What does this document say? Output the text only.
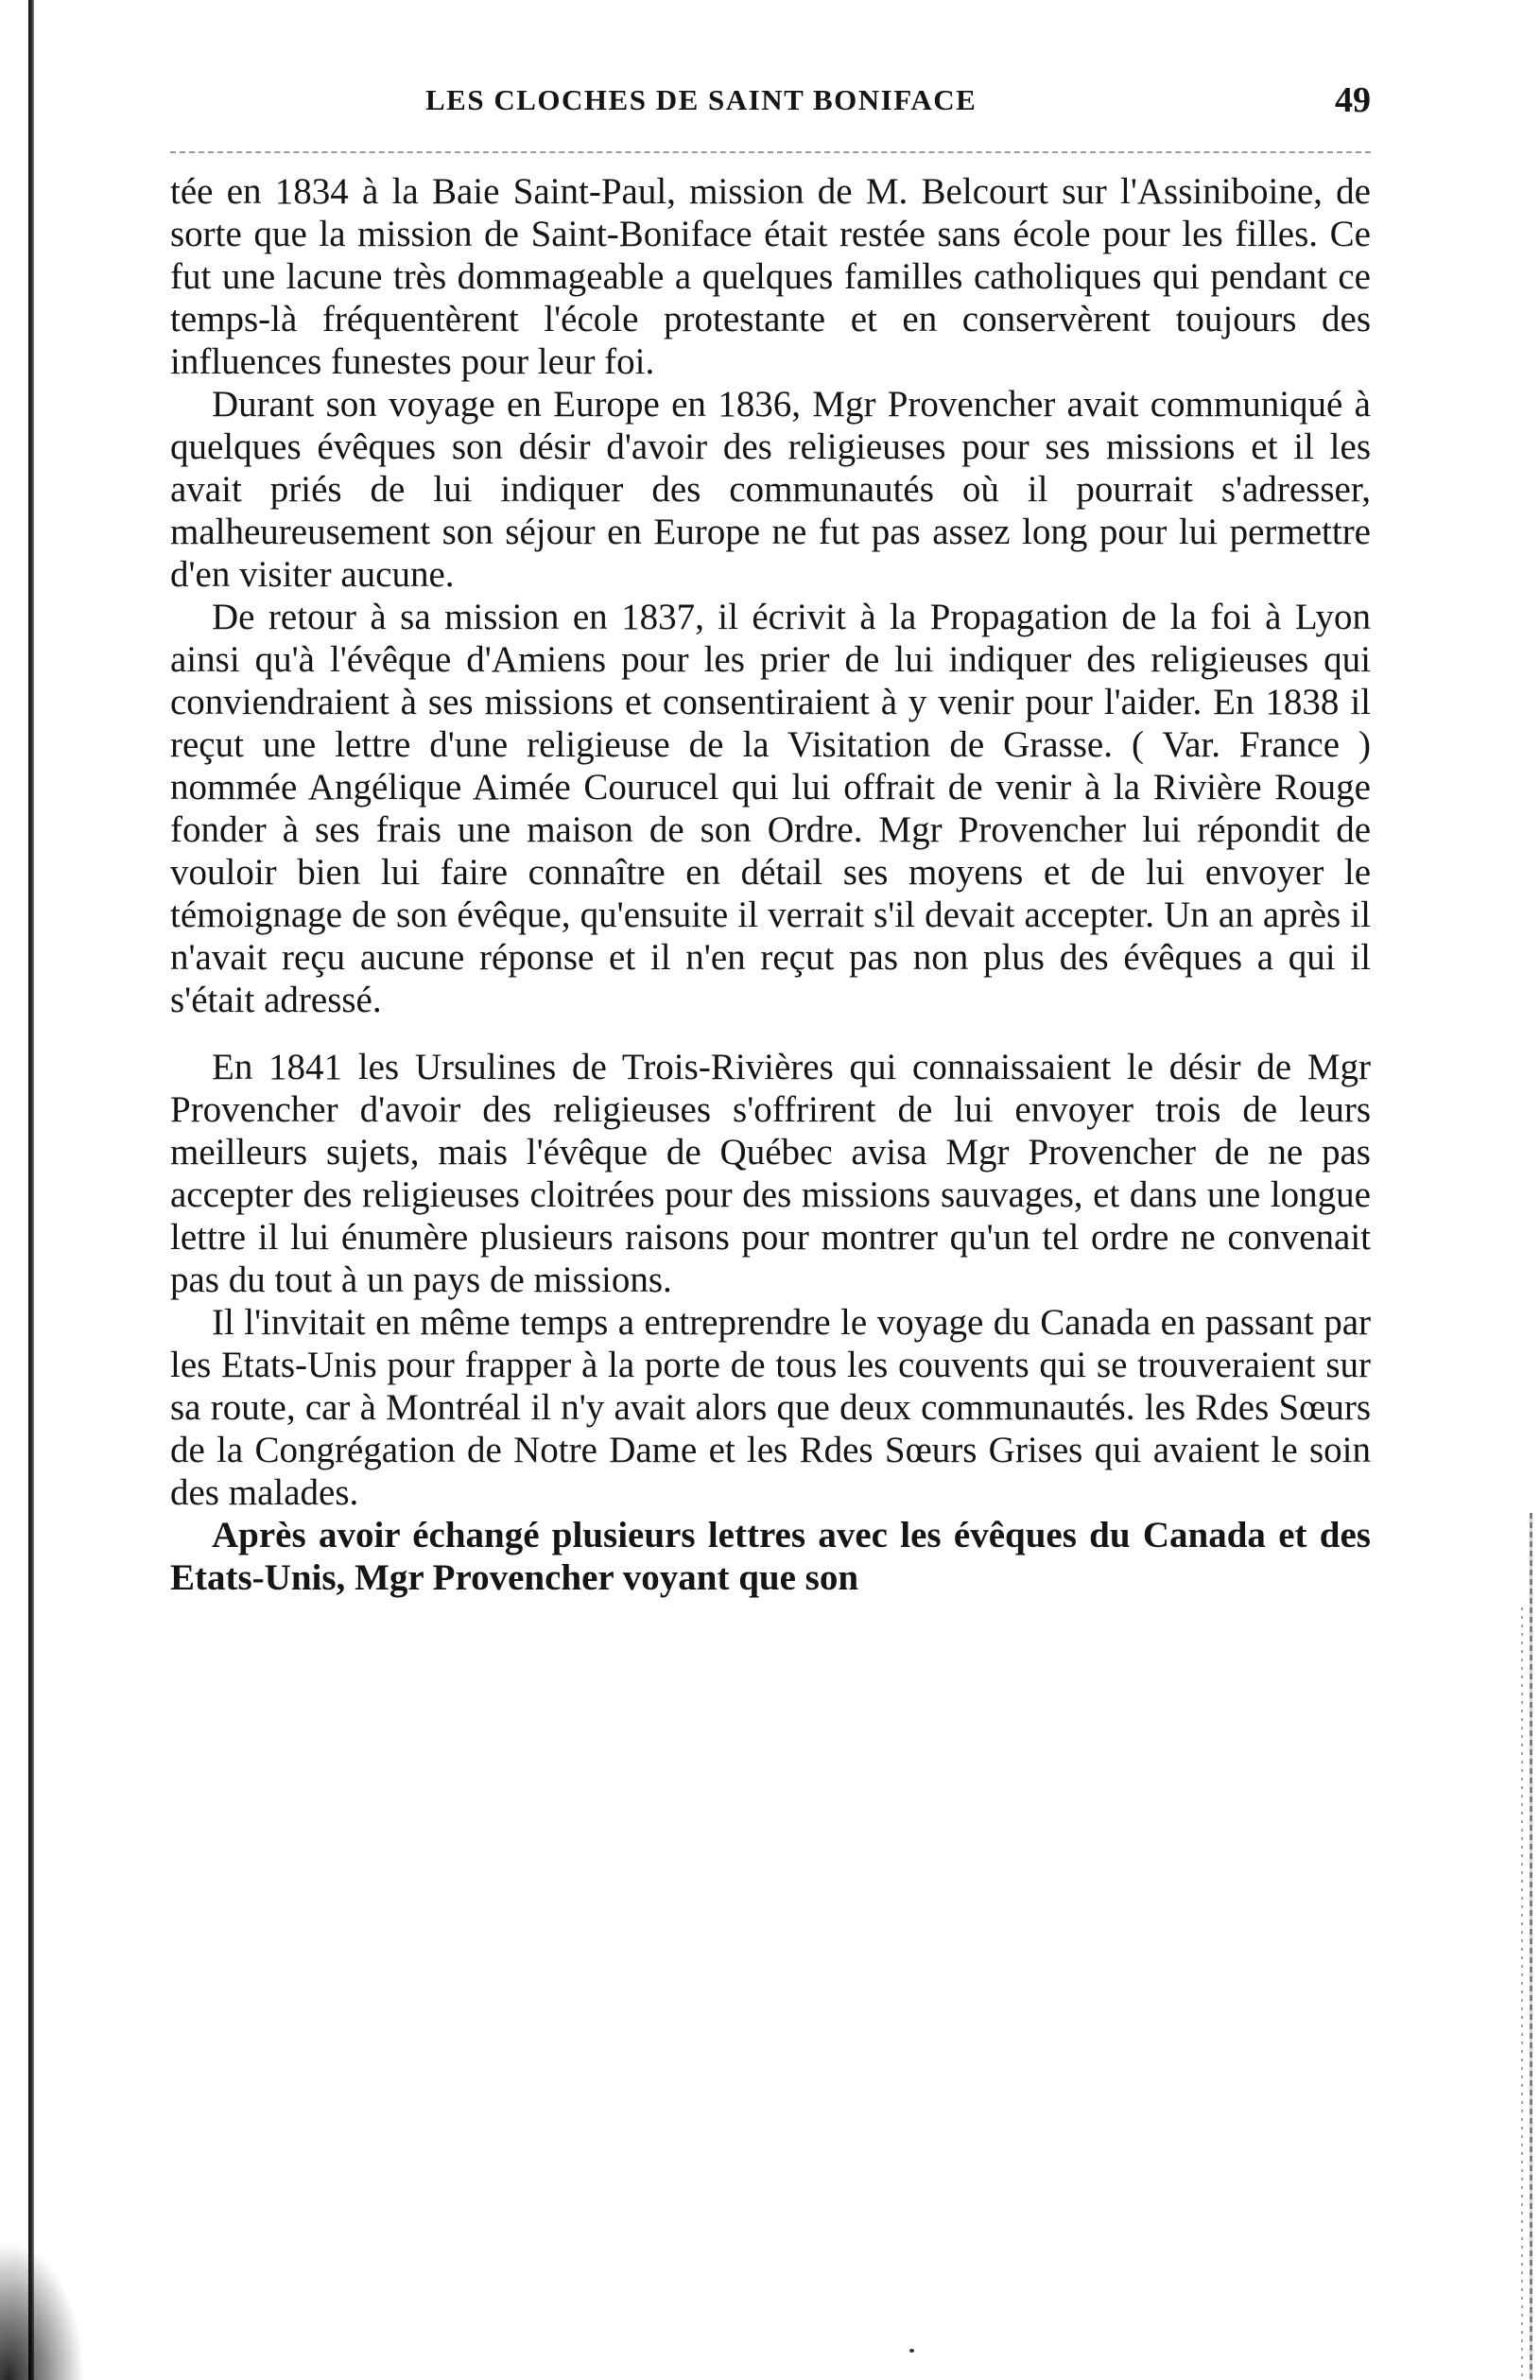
LES CLOCHES DE SAINT BONIFACE	49

tée en 1834 à la Baie Saint-Paul, mission de M. Belcourt sur l'Assiniboine, de sorte que la mission de Saint-Boniface était restée sans école pour les filles. Ce fut une lacune très dommageable a quelques familles catholiques qui pendant ce temps-là fréquentèrent l'école protestante et en conservèrent toujours des influences funestes pour leur foi.

Durant son voyage en Europe en 1836, Mgr Provencher avait communiqué à quelques évêques son désir d'avoir des religieuses pour ses missions et il les avait priés de lui indiquer des communautés où il pourrait s'adresser, malheureusement son séjour en Europe ne fut pas assez long pour lui permettre d'en visiter aucune.

De retour à sa mission en 1837, il écrivit à la Propagation de la foi à Lyon ainsi qu'à l'évêque d'Amiens pour les prier de lui indiquer des religieuses qui conviendraient à ses missions et consentiraient à y venir pour l'aider. En 1838 il reçut une lettre d'une religieuse de la Visitation de Grasse. ( Var. France ) nommée Angélique Aimée Courucel qui lui offrait de venir à la Rivière Rouge fonder à ses frais une maison de son Ordre. Mgr Provencher lui répondit de vouloir bien lui faire connaître en détail ses moyens et de lui envoyer le témoignage de son évêque, qu'ensuite il verrait s'il devait accepter. Un an après il n'avait reçu aucune réponse et il n'en reçut pas non plus des évêques a qui il s'était adressé.

En 1841 les Ursulines de Trois-Rivières qui connaissaient le désir de Mgr Provencher d'avoir des religieuses s'offrirent de lui envoyer trois de leurs meilleurs sujets, mais l'évêque de Québec avisa Mgr Provencher de ne pas accepter des religieuses cloitrées pour des missions sauvages, et dans une longue lettre il lui énumère plusieurs raisons pour montrer qu'un tel ordre ne convenait pas du tout à un pays de missions.

Il l'invitait en même temps a entreprendre le voyage du Canada en passant par les Etats-Unis pour frapper à la porte de tous les couvents qui se trouveraient sur sa route, car à Montréal il n'y avait alors que deux communautés. les Rdes Sœurs de la Congrégation de Notre Dame et les Rdes Sœurs Grises qui avaient le soin des malades.

Après avoir échangé plusieurs lettres avec les évêques du Canada et des Etats-Unis, Mgr Provencher voyant que son
